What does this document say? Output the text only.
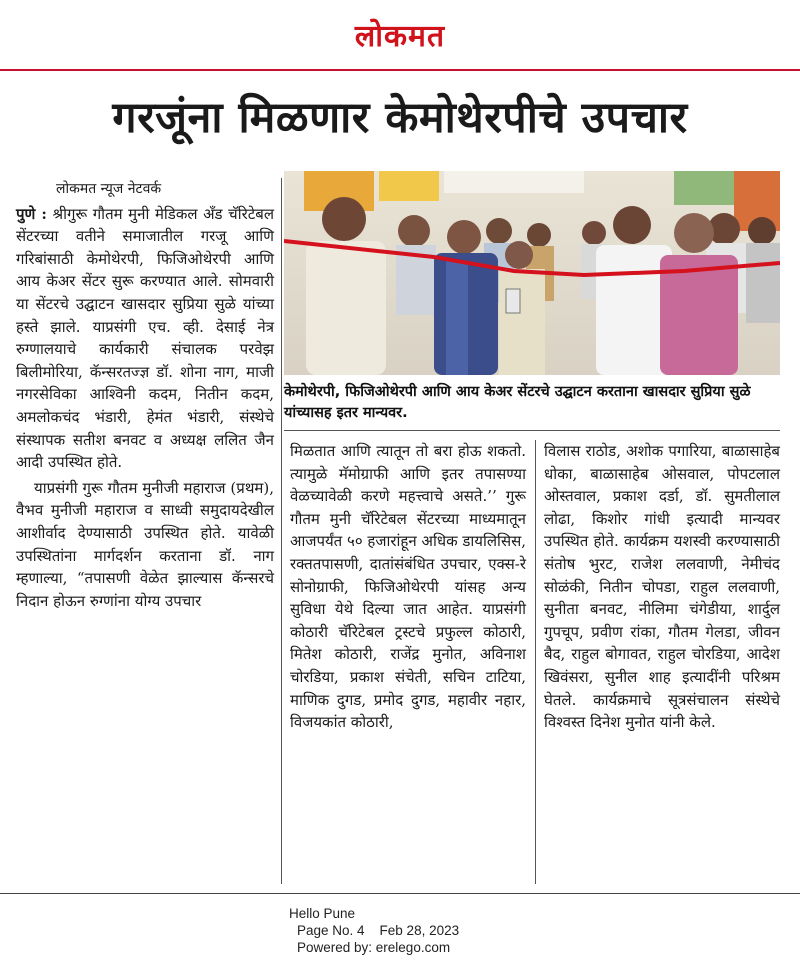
लोकमत
गरजूंना मिळणार केमोथेरपीचे उपचार

लोकमत न्यूज नेटवर्क

पुणे : श्रीगुरू गौतम मुनी मेडिकल अँड चॅरिटेबल सेंटरच्या वतीने समाजातील गरजू आणि गरिबांसाठी केमोथेरपी, फिजिओथेरपी आणि आय केअर सेंटर सुरू करण्यात आले. सोमवारी या सेंटरचे उद्घाटन खासदार सुप्रिया सुळे यांच्या हस्ते झाले. याप्रसंगी एच. व्ही. देसाई नेत्र रुग्णालयाचे कार्यकारी संचालक परवेझ बिलीमोरिया, कॅन्सरतज्ज्ञ डॉ. शोना नाग, माजी नगरसेविका आश्विनी कदम, नितीन कदम, अमलोकचंद भंडारी, हेमंत भंडारी, संस्थेचे संस्थापक सतीश बनवट व अध्यक्ष ललित जैन आदी उपस्थित होते.

याप्रसंगी गुरू गौतम मुनीजी महाराज (प्रथम), वैभव मुनीजी महाराज व साध्वी समुदायदेखील आशीर्वाद देण्यासाठी उपस्थित होते. यावेळी उपस्थितांना मार्गदर्शन करताना डॉ. नाग म्हणाल्या, “तपासणी वेळेत झाल्यास कॅन्सरचे निदान होऊन रुग्णांना योग्य उपचार

केमोथेरपी, फिजिओथेरपी आणि आय केअर सेंटरचे उद्घाटन करताना खासदार सुप्रिया सुळे यांच्यासह इतर मान्यवर.

मिळतात आणि त्यातून तो बरा होऊ शकतो. त्यामुळे मॅमोग्राफी आणि इतर तपासण्या वेळच्यावेळी करणे महत्त्वाचे असते.’’ गुरू गौतम मुनी चॅरिटेबल सेंटरच्या माध्यमातून आजपर्यंत ५० हजारांहून अधिक डायलिसिस, रक्ततपासणी, दातांसंबंधित उपचार, एक्स-रे सोनोग्राफी, फिजिओथेरपी यांसह अन्य सुविधा येथे दिल्या जात आहेत. याप्रसंगी कोठारी चॅरिटेबल ट्रस्टचे प्रफुल्ल कोठारी, मितेश कोठारी, राजेंद्र मुनोत, अविनाश चोरडिया, प्रकाश संचेती, सचिन टाटिया, माणिक दुगड, प्रमोद दुगड, महावीर नहार, विजयकांत कोठारी,

विलास राठोड, अशोक पगारिया, बाळासाहेब धोका, बाळासाहेब ओसवाल, पोपटलाल ओस्तवाल, प्रकाश दर्डा, डॉ. सुमतीलाल लोढा, किशोर गांधी इत्यादी मान्यवर उपस्थित होते. कार्यक्रम यशस्वी करण्यासाठी संतोष भुरट, राजेश ललवाणी, नेमीचंद सोळंकी, नितीन चोपडा, राहुल ललवाणी, सुनीता बनवट, नीलिमा चंगेडीया, शार्दुल गुपचूप, प्रवीण रांका, गौतम गेलडा, जीवन बैद, राहुल बोगावत, राहुल चोरडिया, आदेश खिवंसरा, सुनील शाह इत्यादींनी परिश्रम घेतले. कार्यक्रमाचे सूत्रसंचालन संस्थेचे विश्वस्त दिनेश मुनोत यांनी केले.

Hello Pune
Page No. 4    Feb 28, 2023
Powered by: erelego.com
